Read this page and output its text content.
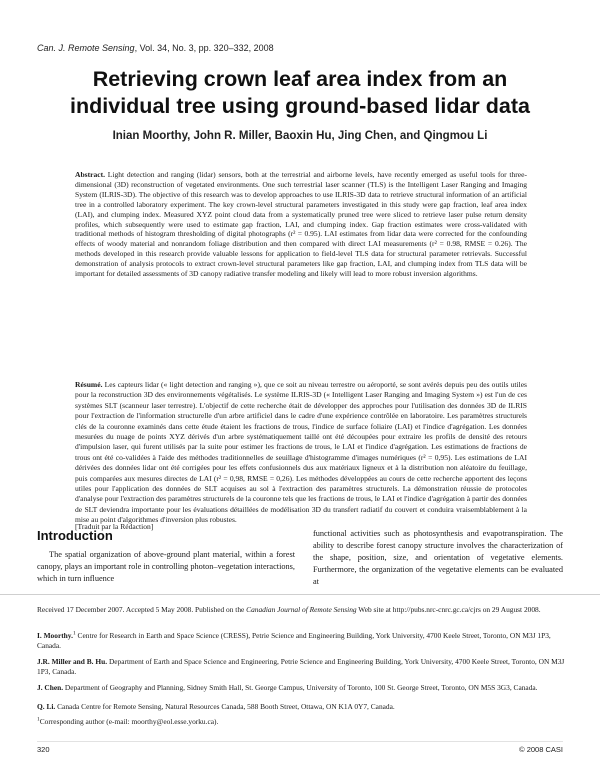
Can. J. Remote Sensing, Vol. 34, No. 3, pp. 320–332, 2008
Retrieving crown leaf area index from an
individual tree using ground-based lidar data
Inian Moorthy, John R. Miller, Baoxin Hu, Jing Chen, and Qingmou Li
Abstract. Light detection and ranging (lidar) sensors, both at the terrestrial and airborne levels, have recently emerged as useful tools for three-dimensional (3D) reconstruction of vegetated environments. One such terrestrial laser scanner (TLS) is the Intelligent Laser Ranging and Imaging System (ILRIS-3D). The objective of this research was to develop approaches to use ILRIS-3D data to retrieve structural information of an artificial tree in a controlled laboratory experiment. The key crown-level structural parameters investigated in this study were gap fraction, leaf area index (LAI), and clumping index. Measured XYZ point cloud data from a systematically pruned tree were sliced to retrieve laser pulse return density profiles, which subsequently were used to estimate gap fraction, LAI, and clumping index. Gap fraction estimates were cross-validated with traditional methods of histogram thresholding of digital photographs (r² = 0.95). LAI estimates from lidar data were corrected for the confounding effects of woody material and nonrandom foliage distribution and then compared with direct LAI measurements (r² = 0.98, RMSE = 0.26). The methods developed in this research provide valuable lessons for application to field-level TLS data for structural parameter retrievals. Successful demonstration of analysis protocols to extract crown-level structural parameters like gap fraction, LAI, and clumping index from TLS data will be important for detailed assessments of 3D canopy radiative transfer modeling and likely will lead to more robust inversion algorithms.
Résumé. Les capteurs lidar (« light detection and ranging »), que ce soit au niveau terrestre ou aéroporté, se sont avérés depuis peu des outils utiles pour la reconstruction 3D des environnements végétalisés. Le système ILRIS-3D (« Intelligent Laser Ranging and Imaging System ») est l'un de ces systèmes SLT (scanneur laser terrestre). L'objectif de cette recherche était de développer des approches pour l'utilisation des données 3D de ILRIS pour l'extraction de l'information structurelle d'un arbre artificiel dans le cadre d'une expérience contrôlée en laboratoire. Les paramètres structurels clés de la couronne examinés dans cette étude étaient les fractions de trous, l'indice de surface foliaire (LAI) et l'indice d'agrégation. Les données mesurées du nuage de points XYZ dérivés d'un arbre systématiquement taillé ont été découpées pour extraire les profils de densité des retours d'impulsion laser, qui furent utilisés par la suite pour estimer les fractions de trous, le LAI et l'indice d'agrégation. Les estimations de fractions de trous ont été co-validées à l'aide des méthodes traditionnelles de seuillage d'histogramme d'images numériques (r² = 0,95). Les estimations de LAI dérivées des données lidar ont été corrigées pour les effets confusionnels dus aux matériaux ligneux et à la distribution non aléatoire du feuillage, puis comparées aux mesures directes de LAI (r² = 0,98, RMSE = 0,26). Les méthodes développées au cours de cette recherche apportent des leçons utiles pour l'application des données de SLT acquises au sol à l'extraction des paramètres structurels. La démonstration réussie de protocoles d'analyse pour l'extraction des paramètres structurels de la couronne tels que les fractions de trous, le LAI et l'indice d'agrégation à partir des données de SLT deviendra importante pour les évaluations détaillées de modélisation 3D du transfert radiatif du couvert et conduira vraisemblablement à la mise au point d'algorithmes d'inversion plus robustes.
[Traduit par la Rédaction]
Introduction
The spatial organization of above-ground plant material, within a forest canopy, plays an important role in controlling photon–vegetation interactions, which in turn influence
functional activities such as photosynthesis and evapotranspiration. The ability to describe forest canopy structure involves the characterization of the shape, position, size, and orientation of vegetative elements. Furthermore, the organization of the vegetative elements can be evaluated at
Received 17 December 2007. Accepted 5 May 2008. Published on the Canadian Journal of Remote Sensing Web site at http://pubs.nrc-cnrc.gc.ca/cjrs on 29 August 2008.
I. Moorthy.$^1$ Centre for Research in Earth and Space Science (CRESS), Petrie Science and Engineering Building, York University, 4700 Keele Street, Toronto, ON M3J 1P3, Canada.
J.R. Miller and B. Hu. Department of Earth and Space Science and Engineering, Petrie Science and Engineering Building, York University, 4700 Keele Street, Toronto, ON M3J 1P3, Canada.
J. Chen. Department of Geography and Planning, Sidney Smith Hall, St. George Campus, University of Toronto, 100 St. George Street, Toronto, ON M5S 3G3, Canada.
Q. Li. Canada Centre for Remote Sensing, Natural Resources Canada, 588 Booth Street, Ottawa, ON K1A 0Y7, Canada.
$^1$Corresponding author (e-mail: moorthy@eol.esse.yorku.ca).
320	© 2008 CASI
